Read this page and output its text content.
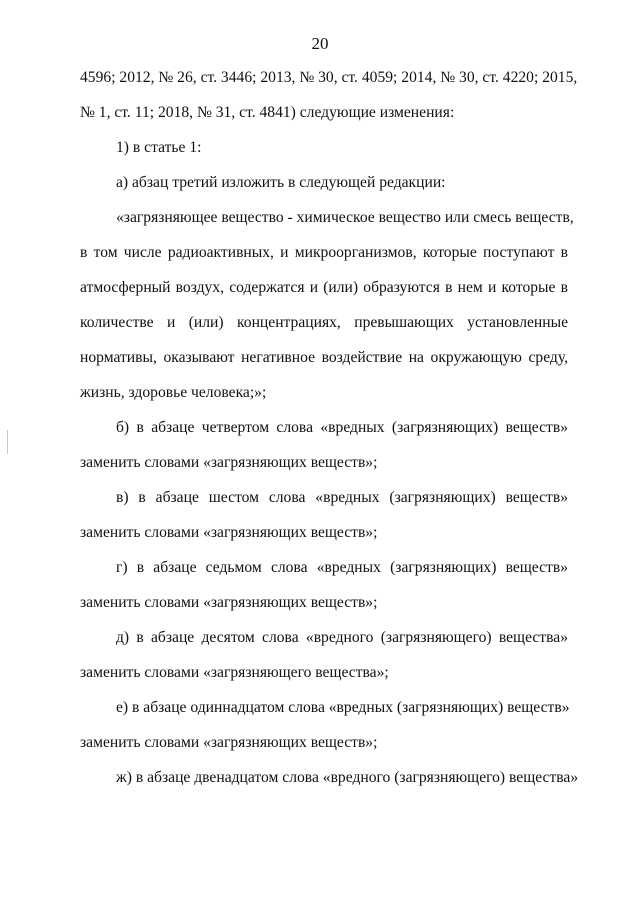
20
4596; 2012, № 26, ст. 3446; 2013, № 30, ст. 4059; 2014, № 30, ст. 4220; 2015,
№ 1, ст. 11; 2018, № 31, ст. 4841) следующие изменения:
1) в статье 1:
а) абзац третий изложить в следующей редакции:
«загрязняющее вещество - химическое вещество или смесь веществ,
в том числе радиоактивных, и микроорганизмов, которые поступают в
атмосферный воздух, содержатся и (или) образуются в нем и которые в
количестве и (или) концентрациях, превышающих установленные
нормативы, оказывают негативное воздействие на окружающую среду,
жизнь, здоровье человека;»;
б) в абзаце четвертом слова «вредных (загрязняющих) веществ»
заменить словами «загрязняющих веществ»;
в) в абзаце шестом слова «вредных (загрязняющих) веществ»
заменить словами «загрязняющих веществ»;
г) в абзаце седьмом слова «вредных (загрязняющих) веществ»
заменить словами «загрязняющих веществ»;
д) в абзаце десятом слова «вредного (загрязняющего) вещества»
заменить словами «загрязняющего вещества»;
е) в абзаце одиннадцатом слова «вредных (загрязняющих) веществ»
заменить словами «загрязняющих веществ»;
ж) в абзаце двенадцатом слова «вредного (загрязняющего) вещества»
